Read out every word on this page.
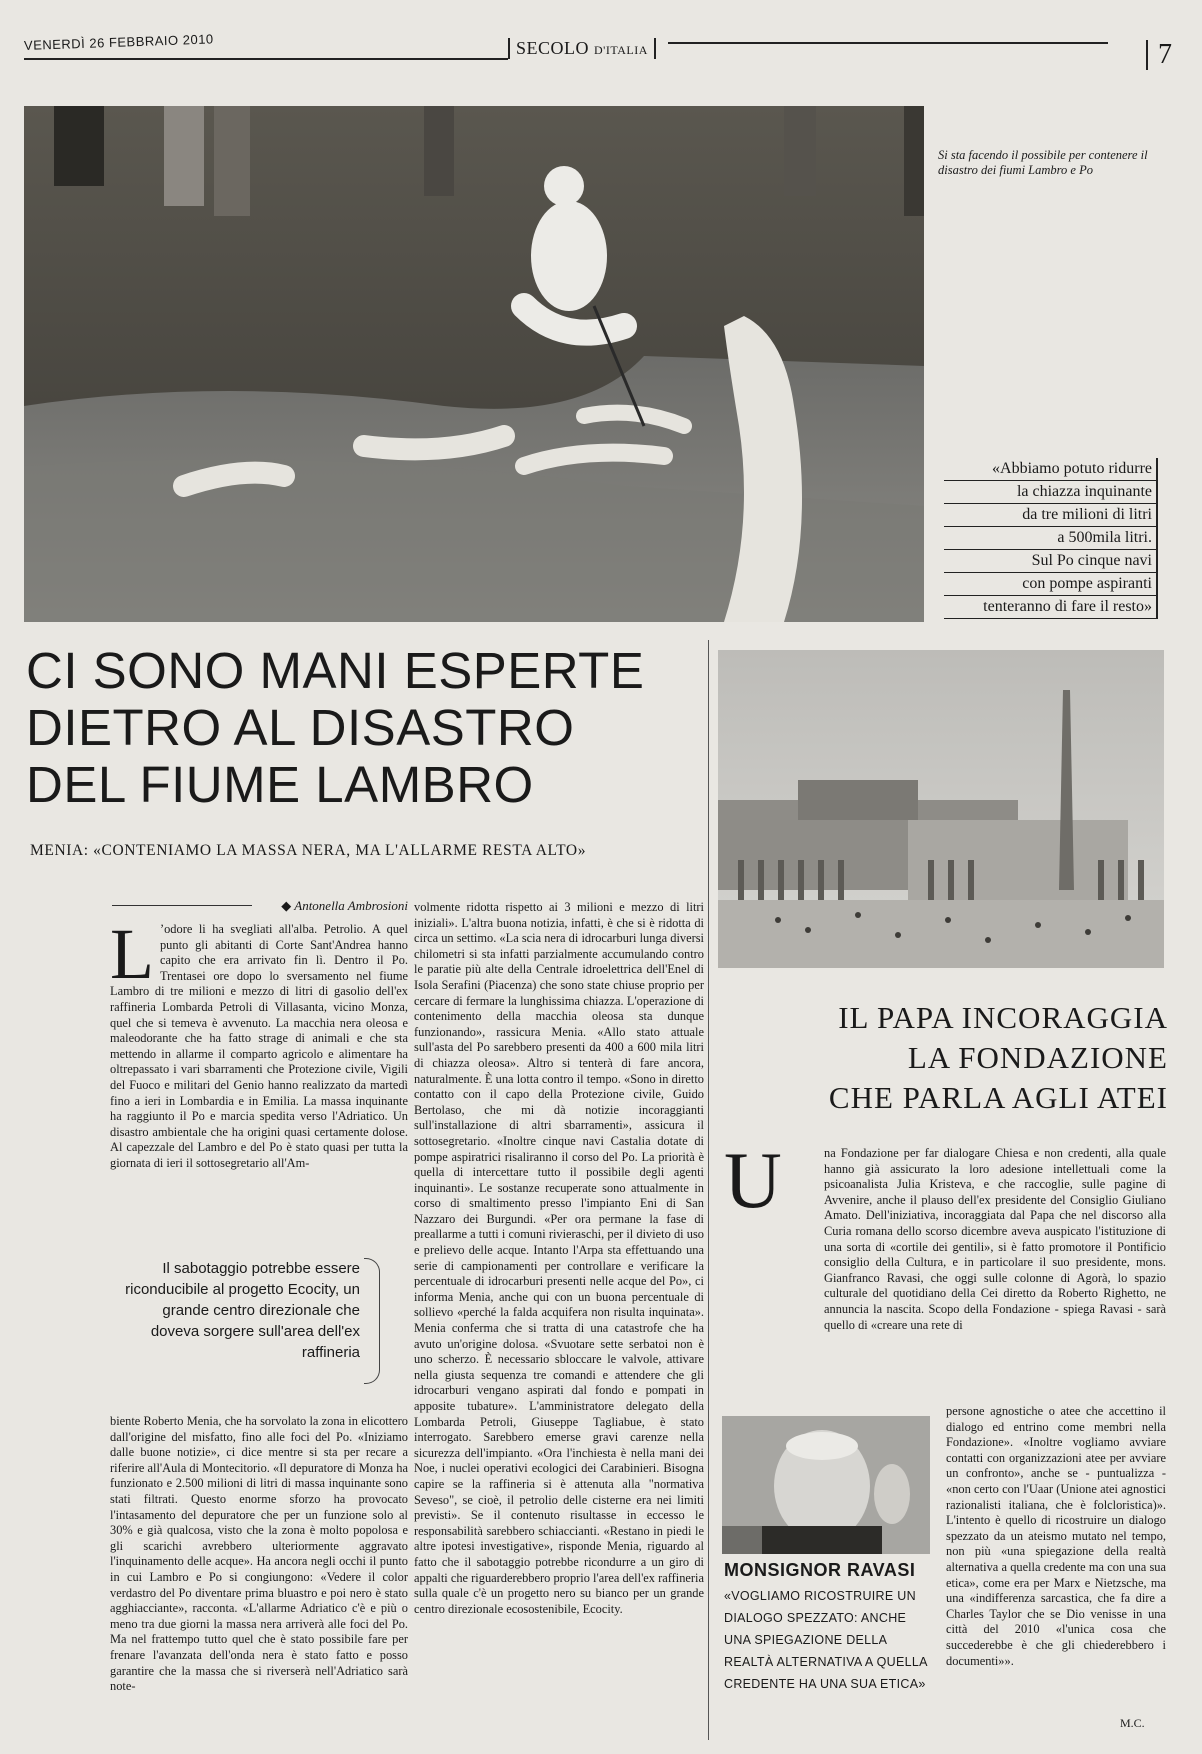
VENERDÌ 26 FEBBRAIO 2010	SECOLO D'ITALIA	7
Si sta facendo il possibile per contenere il disastro dei fiumi Lambro e Po
«Abbiamo potuto ridurre
la chiazza inquinante
da tre milioni di litri
a 500mila litri.
Sul Po cinque navi
con pompe aspiranti
tenteranno di fare il resto»
CI SONO MANI ESPERTE
DIETRO AL DISASTRO
DEL FIUME LAMBRO
MENIA: «CONTENIAMO LA MASSA NERA, MA L'ALLARME RESTA ALTO»
◆ Antonella Ambrosioni
L ’odore li ha svegliati all'alba. Petrolio. A quel punto gli abitanti di Corte Sant'Andrea hanno capito che era arrivato fin lì. Dentro il Po. Trentasei ore dopo lo sversamento nel fiume Lambro di tre milioni e mezzo di litri di gasolio dell'ex raffineria Lombarda Petroli di Villasanta, vicino Monza, quel che si temeva è avvenuto. La macchia nera oleosa e maleodorante che ha fatto strage di animali e che sta mettendo in allarme il comparto agricolo e alimentare ha oltrepassato i vari sbarramenti che Protezione civile, Vigili del Fuoco e militari del Genio hanno realizzato da martedì fino a ieri in Lombardia e in Emilia. La massa inquinante ha raggiunto il Po e marcia spedita verso l'Adriatico. Un disastro ambientale che ha origini quasi certamente dolose. Al capezzale del Lambro e del Po è stato quasi per tutta la giornata di ieri il sottosegretario all'Am-
Il sabotaggio potrebbe essere riconducibile al progetto Ecocity, un grande centro direzionale che doveva sorgere sull'area dell'ex raffineria
biente Roberto Menia, che ha sorvolato la zona in elicottero dall'origine del misfatto, fino alle foci del Po. «Iniziamo dalle buone notizie», ci dice mentre si sta per recare a riferire all'Aula di Montecitorio. «Il depuratore di Monza ha funzionato e 2.500 milioni di litri di massa inquinante sono stati filtrati. Questo enorme sforzo ha provocato l'intasamento del depuratore che per un funzione solo al 30% e già qualcosa, visto che la zona è molto popolosa e gli scarichi avrebbero ulteriormente aggravato l'inquinamento delle acque». Ha ancora negli occhi il punto in cui Lambro e Po si congiungono: «Vedere il color verdastro del Po diventare prima bluastro e poi nero è stato agghiacciante», racconta. «L'allarme Adriatico c'è e più o meno tra due giorni la massa nera arriverà alle foci del Po. Ma nel frattempo tutto quel che è stato possibile fare per frenare l'avanzata dell'onda nera è stato fatto e posso garantire che la massa che si riverserà nell'Adriatico sarà note-
volmente ridotta rispetto ai 3 milioni e mezzo di litri iniziali». L'altra buona notizia, infatti, è che si è ridotta di circa un settimo. «La scia nera di idrocarburi lunga diversi chilometri si sta infatti parzialmente accumulando contro le paratie più alte della Centrale idroelettrica dell'Enel di Isola Serafini (Piacenza) che sono state chiuse proprio per cercare di fermare la lunghissima chiazza. L'operazione di contenimento della macchia oleosa sta dunque funzionando», rassicura Menia. «Allo stato attuale sull'asta del Po sarebbero presenti da 400 a 600 mila litri di chiazza oleosa». Altro si tenterà di fare ancora, naturalmente. È una lotta contro il tempo. «Sono in diretto contatto con il capo della Protezione civile, Guido Bertolaso, che mi dà notizie incoraggianti sull'installazione di altri sbarramenti», assicura il sottosegretario. «Inoltre cinque navi Castalia dotate di pompe aspiratrici risaliranno il corso del Po. La priorità è quella di intercettare tutto il possibile degli agenti inquinanti». Le sostanze recuperate sono attualmente in corso di smaltimento presso l'impianto Eni di San Nazzaro dei Burgundi. «Per ora permane la fase di preallarme a tutti i comuni rivieraschi, per il divieto di uso e prelievo delle acque. Intanto l'Arpa sta effettuando una serie di campionamenti per controllare e verificare la percentuale di idrocarburi presenti nelle acque del Po», ci informa Menia, anche qui con un buona percentuale di sollievo «perché la falda acquifera non risulta inquinata». Menia conferma che si tratta di una catastrofe che ha avuto un'origine dolosa. «Svuotare sette serbatoi non è uno scherzo. È necessario sbloccare le valvole, attivare nella giusta sequenza tre comandi e attendere che gli idrocarburi vengano aspirati dal fondo e pompati in apposite tubature». L'amministratore delegato della Lombarda Petroli, Giuseppe Tagliabue, è stato interrogato. Sarebbero emerse gravi carenze nella sicurezza dell'impianto. «Ora l'inchiesta è nella mani dei Noe, i nuclei operativi ecologici dei Carabinieri. Bisogna capire se la raffineria si è attenuta alla "normativa Seveso", se cioè, il petrolio delle cisterne era nei limiti previsti». Se il contenuto risultasse in eccesso le responsabilità sarebbero schiaccianti. «Restano in piedi le altre ipotesi investigative», risponde Menia, riguardo al fatto che il sabotaggio potrebbe ricondurre a un giro di appalti che riguarderebbero proprio l'area dell'ex raffineria sulla quale c'è un progetto nero su bianco per un grande centro direzionale ecosostenibile, Ecocity.
IL PAPA INCORAGGIA
LA FONDAZIONE
CHE PARLA AGLI ATEI
U	na Fondazione per far dialogare Chiesa e non credenti, alla quale hanno già assicurato la loro adesione intellettuali come la psicoanalista Julia Kristeva, e che raccoglie, sulle pagine di Avvenire, anche il plauso dell'ex presidente del Consiglio Giuliano Amato. Dell'iniziativa, incoraggiata dal Papa che nel discorso alla Curia romana dello scorso dicembre aveva auspicato l'istituzione di una sorta di «cortile dei gentili», si è fatto promotore il Pontificio consiglio della Cultura, e in particolare il suo presidente, mons. Gianfranco Ravasi, che oggi sulle colonne di Agorà, lo spazio culturale del quotidiano della Cei diretto da Roberto Righetto, ne annuncia la nascita. Scopo della Fondazione - spiega Ravasi - sarà quello di «creare una rete di
persone agnostiche o atee che accettino il dialogo ed entrino come membri nella Fondazione». «Inoltre vogliamo avviare contatti con organizzazioni atee per avviare un confronto», anche se - puntualizza - «non certo con l'Uaar (Unione atei agnostici razionalisti italiana, che è folcloristica)». L'intento è quello di ricostruire un dialogo spezzato da un ateismo mutato nel tempo, non più «una spiegazione della realtà alternativa a quella credente ma con una sua etica», come era per Marx e Nietzsche, ma una «indifferenza sarcastica, che fa dire a Charles Taylor che se Dio venisse in una città del 2010 «l'unica cosa che succederebbe è che gli chiederebbero i documenti»».
MONSIGNOR RAVASI
«VOGLIAMO RICOSTRUIRE UN DIALOGO SPEZZATO: ANCHE UNA SPIEGAZIONE DELLA REALTÀ ALTERNATIVA A QUELLA CREDENTE HA UNA SUA ETICA»
M.C.
